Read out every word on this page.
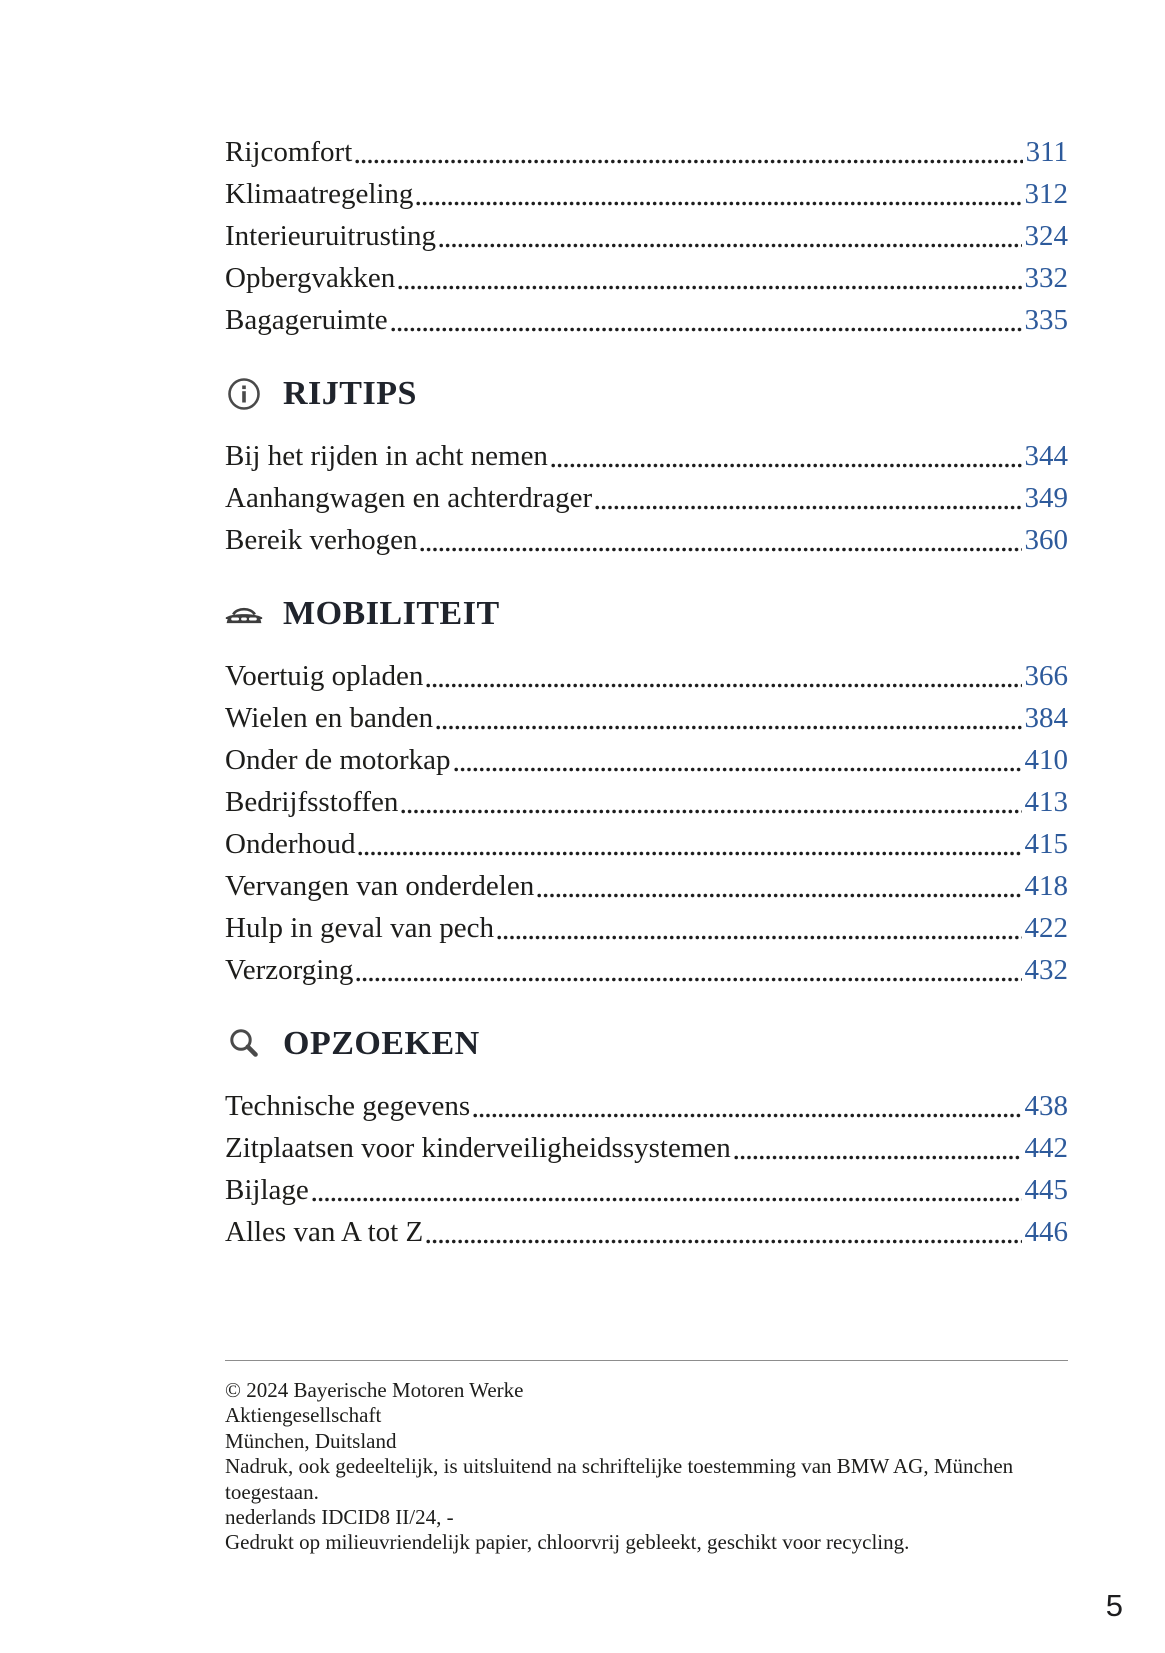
Rijcomfort	311
Klimaatregeling	312
Interieuruitrusting	324
Opbergvakken	332
Bagageruimte	335
RIJTIPS
Bij het rijden in acht nemen	344
Aanhangwagen en achterdrager	349
Bereik verhogen	360
MOBILITEIT
Voertuig opladen	366
Wielen en banden	384
Onder de motorkap	410
Bedrijfsstoffen	413
Onderhoud	415
Vervangen van onderdelen	418
Hulp in geval van pech	422
Verzorging	432
OPZOEKEN
Technische gegevens	438
Zitplaatsen voor kinderveiligheidssystemen	442
Bijlage	445
Alles van A tot Z	446
© 2024 Bayerische Motoren Werke
Aktiengesellschaft
München, Duitsland
Nadruk, ook gedeeltelijk, is uitsluitend na schriftelijke toestemming van BMW AG, München toegestaan.
nederlands IDCID8 II/24, -
Gedrukt op milieuvriendelijk papier, chloorvrij gebleekt, geschikt voor recycling.
5
